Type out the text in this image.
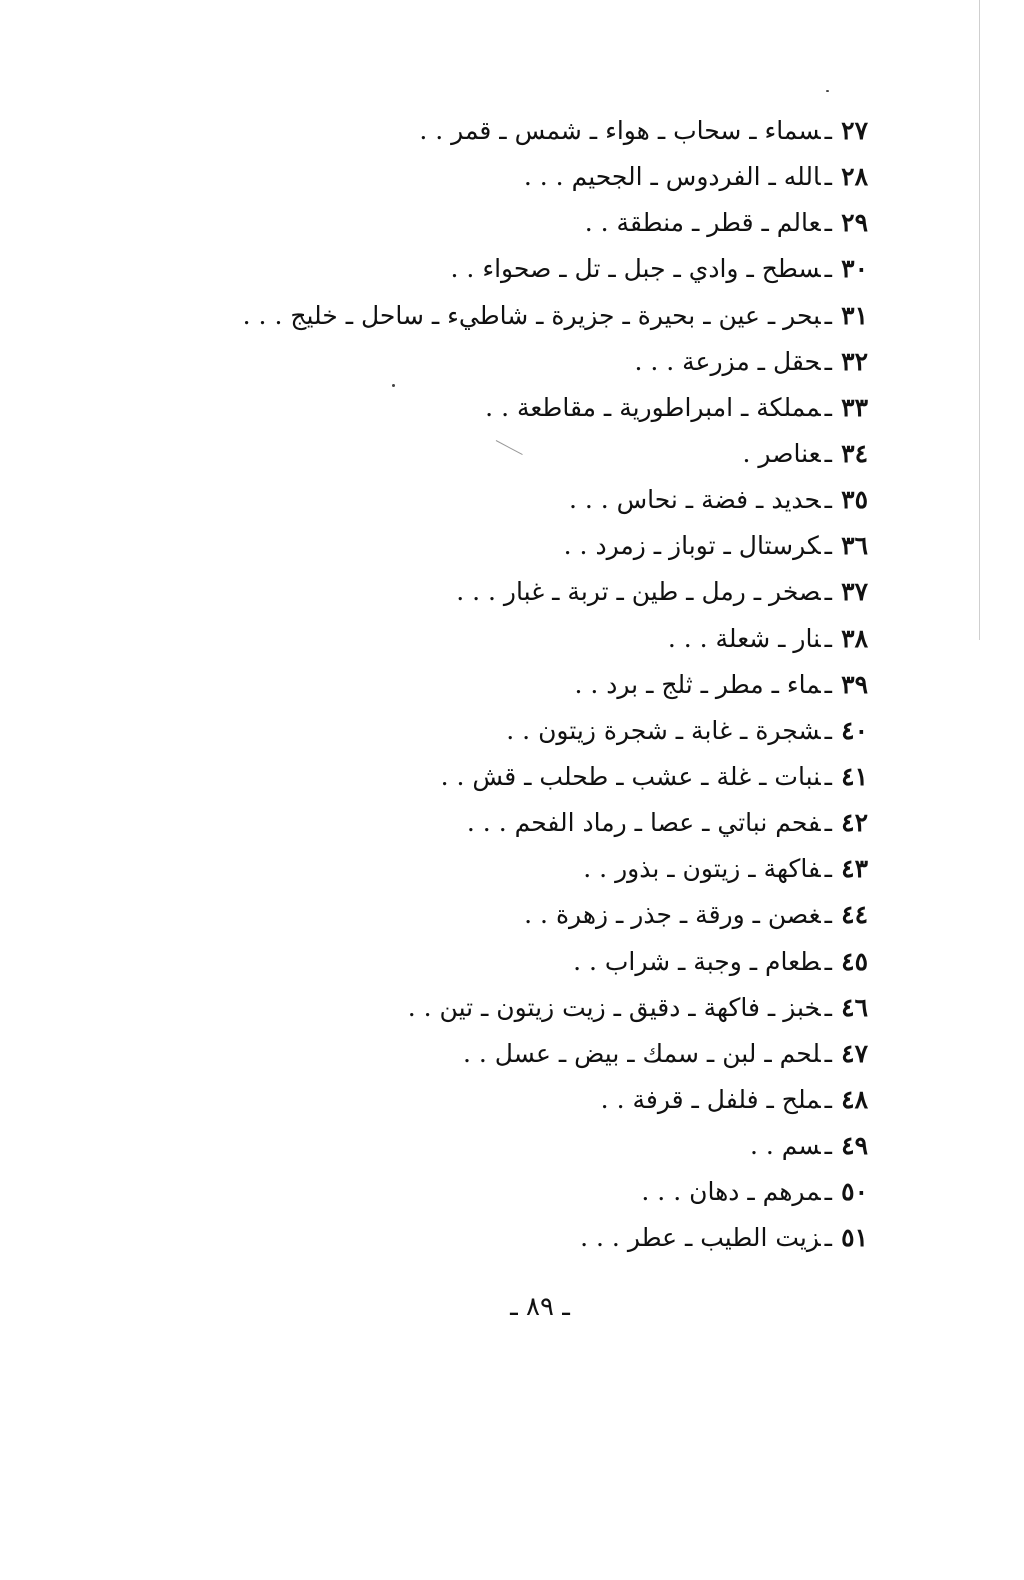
٢٧ـسماء ـ سحاب ـ هواء ـ شمس ـ قمر . .
٢٨ـالله ـ الفردوس ـ الجحيم . . .
٢٩ـعالم ـ قطر ـ منطقة . .
٣٠ـسطح ـ وادي ـ جبل ـ تل ـ صحواء . .
٣١ـبحر ـ عين ـ بحيرة ـ جزيرة ـ شاطيء ـ ساحل ـ خليج . . .
٣٢ـحقل ـ مزرعة . . .
٣٣ـمملكة ـ امبراطورية ـ مقاطعة . .
٣٤ـعناصر .
٣٥ـحديد ـ فضة ـ نحاس . . .
٣٦ـكرستال ـ توباز ـ زمرد . .
٣٧ـصخر ـ رمل ـ طين ـ تربة ـ غبار . . .
٣٨ـنار ـ شعلة . . .
٣٩ـماء ـ مطر ـ ثلج ـ برد . .
٤٠ـشجرة ـ غابة ـ شجرة زيتون . .
٤١ـنبات ـ غلة ـ عشب ـ طحلب ـ قش . .
٤٢ـفحم نباتي ـ عصا ـ رماد الفحم . . .
٤٣ـفاكهة ـ زيتون ـ بذور . .
٤٤ـغصن ـ ورقة ـ جذر ـ زهرة . .
٤٥ـطعام ـ وجبة ـ شراب . .
٤٦ـخبز ـ فاكهة ـ دقيق ـ زيت زيتون ـ تين . .
٤٧ـلحم ـ لبن ـ سمك ـ بيض ـ عسل . .
٤٨ـملح ـ فلفل ـ قرفة . .
٤٩ـسم . .
٥٠ـمرهم ـ دهان . . .
٥١ـزيت الطيب ـ عطر . . .
ـ ٨٩ ـ
